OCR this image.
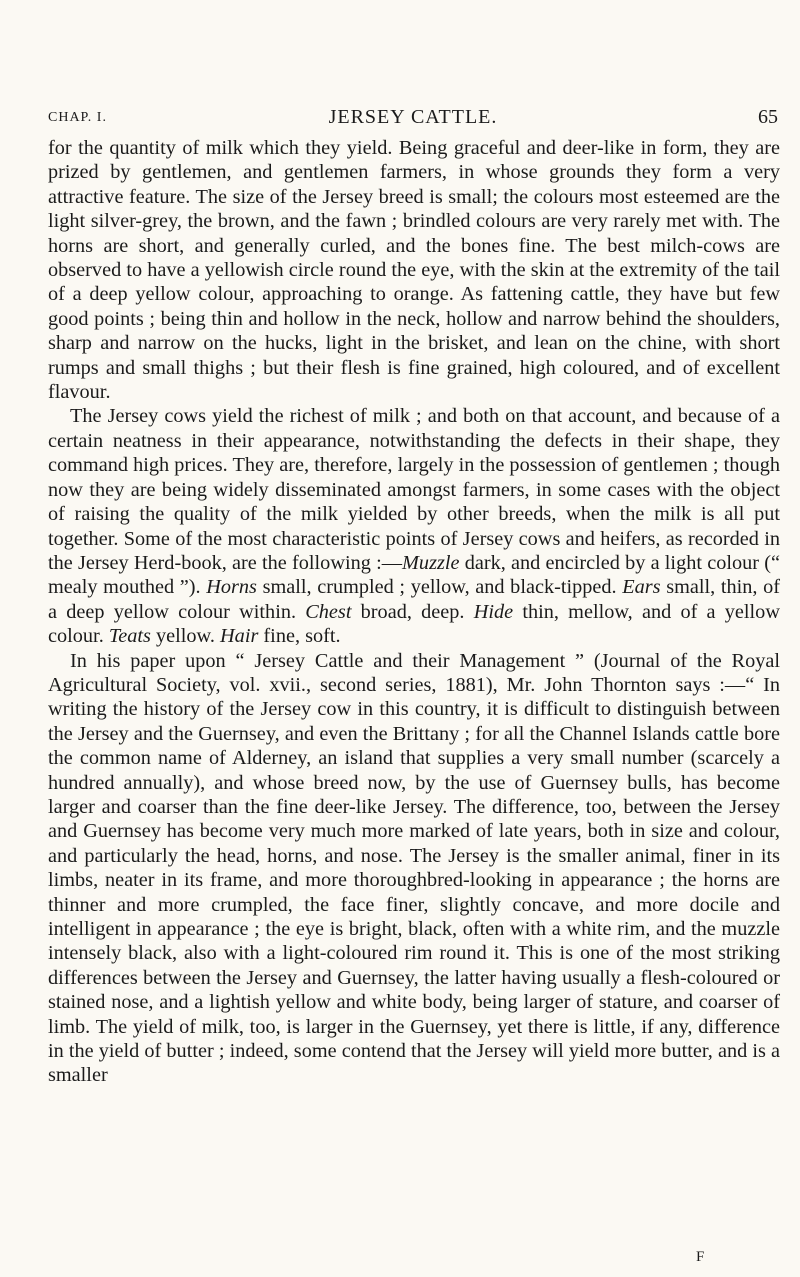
CHAP. I.	JERSEY CATTLE.	65

for the quantity of milk which they yield. Being graceful and deer-like in form, they are prized by gentlemen, and gentlemen farmers, in whose grounds they form a very attractive feature. The size of the Jersey breed is small; the colours most esteemed are the light silver-grey, the brown, and the fawn ; brindled colours are very rarely met with. The horns are short, and generally curled, and the bones fine. The best milch-cows are observed to have a yellowish circle round the eye, with the skin at the extremity of the tail of a deep yellow colour, approaching to orange. As fattening cattle, they have but few good points ; being thin and hollow in the neck, hollow and narrow behind the shoulders, sharp and narrow on the hucks, light in the brisket, and lean on the chine, with short rumps and small thighs ; but their flesh is fine grained, high coloured, and of excellent flavour.

The Jersey cows yield the richest of milk ; and both on that account, and because of a certain neatness in their appearance, notwithstanding the defects in their shape, they command high prices. They are, therefore, largely in the possession of gentlemen ; though now they are being widely disseminated amongst farmers, in some cases with the object of raising the quality of the milk yielded by other breeds, when the milk is all put together. Some of the most characteristic points of Jersey cows and heifers, as recorded in the Jersey Herd-book, are the following :—Muzzle dark, and encircled by a light colour (“ mealy mouthed ”). Horns small, crumpled ; yellow, and black-tipped. Ears small, thin, of a deep yellow colour within. Chest broad, deep. Hide thin, mellow, and of a yellow colour. Teats yellow. Hair fine, soft.

In his paper upon “ Jersey Cattle and their Management ” (Journal of the Royal Agricultural Society, vol. xvii., second series, 1881), Mr. John Thornton says :—“ In writing the history of the Jersey cow in this country, it is difficult to distinguish between the Jersey and the Guernsey, and even the Brittany ; for all the Channel Islands cattle bore the common name of Alderney, an island that supplies a very small number (scarcely a hundred annually), and whose breed now, by the use of Guernsey bulls, has become larger and coarser than the fine deer-like Jersey. The difference, too, between the Jersey and Guernsey has become very much more marked of late years, both in size and colour, and particularly the head, horns, and nose. The Jersey is the smaller animal, finer in its limbs, neater in its frame, and more thoroughbred-looking in appearance ; the horns are thinner and more crumpled, the face finer, slightly concave, and more docile and intelligent in appearance ; the eye is bright, black, often with a white rim, and the muzzle intensely black, also with a light-coloured rim round it. This is one of the most striking differences between the Jersey and Guernsey, the latter having usually a flesh-coloured or stained nose, and a lightish yellow and white body, being larger of stature, and coarser of limb. The yield of milk, too, is larger in the Guernsey, yet there is little, if any, difference in the yield of butter ; indeed, some contend that the Jersey will yield more butter, and is a smaller

F
